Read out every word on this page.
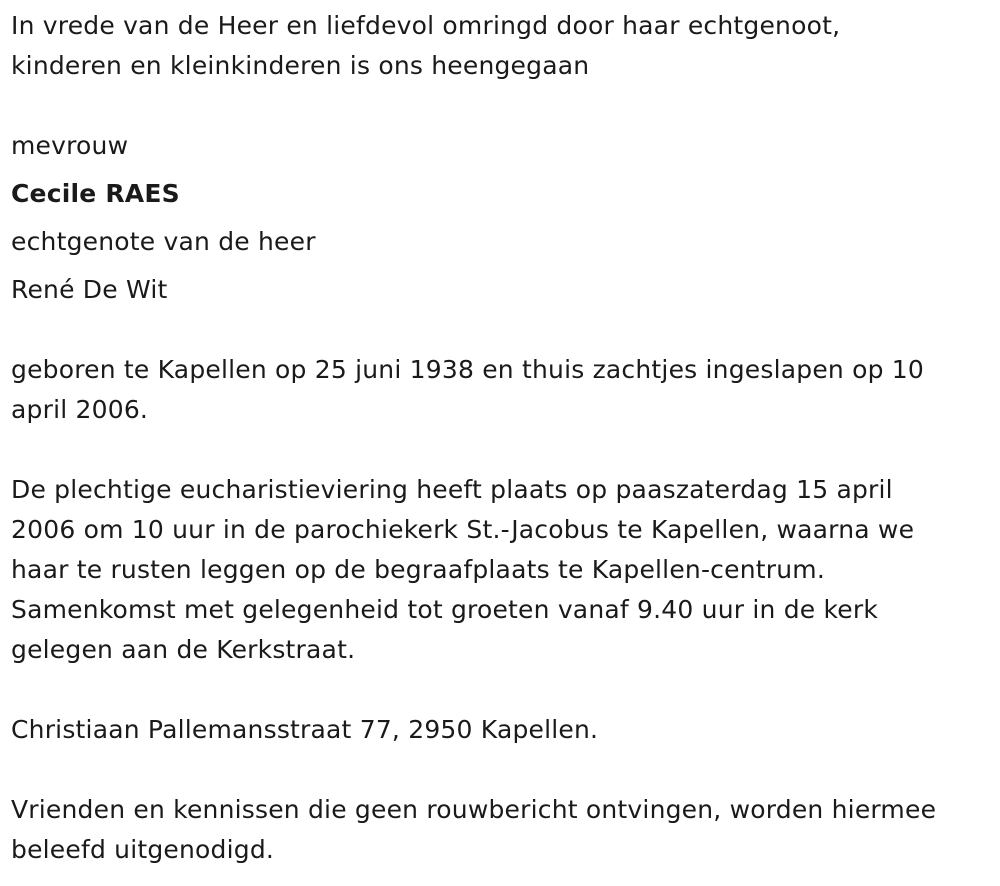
In vrede van de Heer en liefdevol omringd door haar echtgenoot,
kinderen en kleinkinderen is ons heengegaan
mevrouw
Cecile RAES
echtgenote van de heer
René De Wit
geboren te Kapellen op 25 juni 1938 en thuis zachtjes ingeslapen op 10
april 2006.
De plechtige eucharistieviering heeft plaats op paaszaterdag 15 april
2006 om 10 uur in de parochiekerk St.-Jacobus te Kapellen, waarna we
haar te rusten leggen op de begraafplaats te Kapellen-centrum.
Samenkomst met gelegenheid tot groeten vanaf 9.40 uur in de kerk
gelegen aan de Kerkstraat.
Christiaan Pallemansstraat 77, 2950 Kapellen.
Vrienden en kennissen die geen rouwbericht ontvingen, worden hiermee
beleefd uitgenodigd.
